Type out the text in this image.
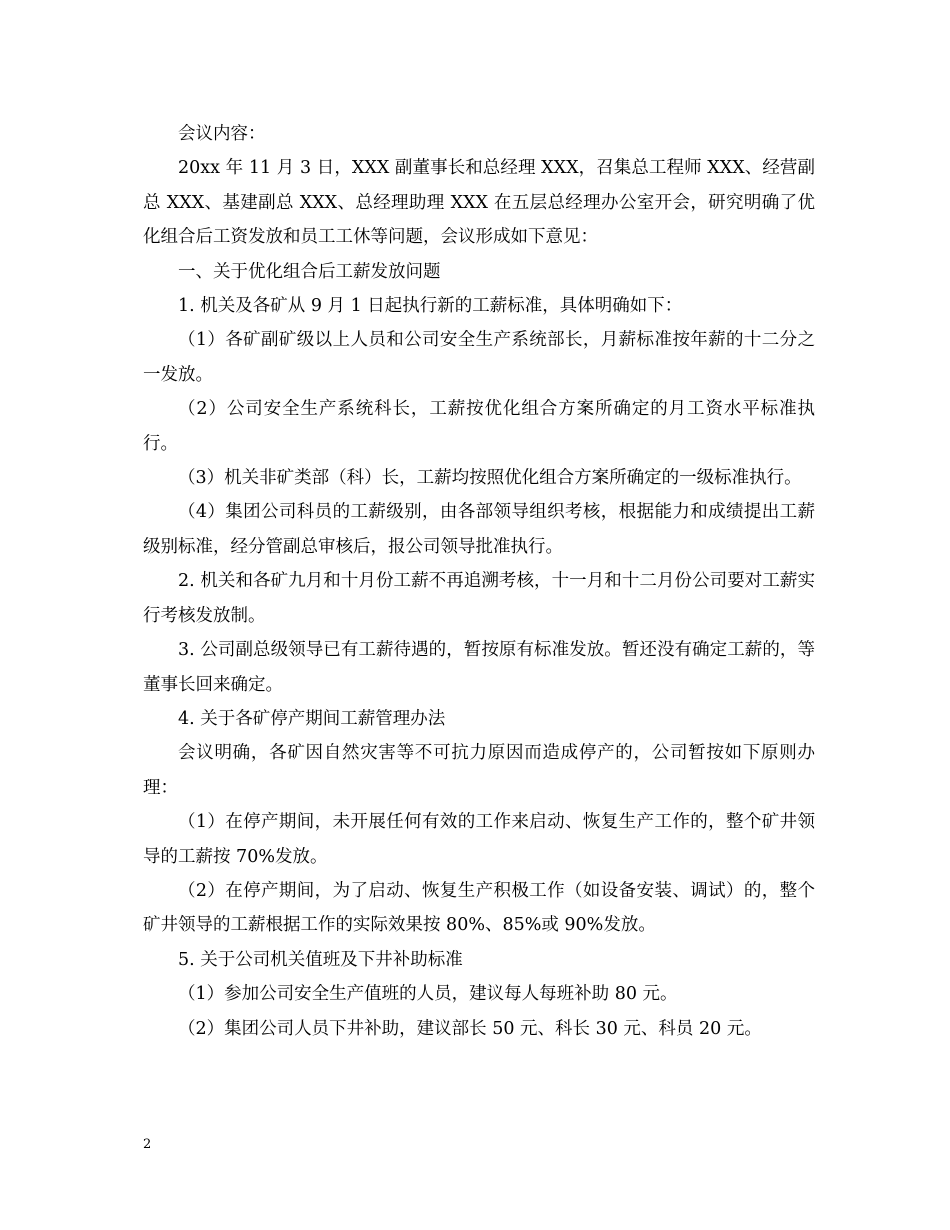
会议内容：

20xx 年 11 月 3 日，XXX 副董事长和总经理 XXX，召集总工程师 XXX、经营副总 XXX、基建副总 XXX、总经理助理 XXX 在五层总经理办公室开会，研究明确了优化组合后工资发放和员工工休等问题，会议形成如下意见：

一、关于优化组合后工薪发放问题

1. 机关及各矿从 9 月 1 日起执行新的工薪标准，具体明确如下：

（1）各矿副矿级以上人员和公司安全生产系统部长，月薪标准按年薪的十二分之一发放。

（2）公司安全生产系统科长，工薪按优化组合方案所确定的月工资水平标准执行。

（3）机关非矿类部（科）长，工薪均按照优化组合方案所确定的一级标准执行。

（4）集团公司科员的工薪级别，由各部领导组织考核，根据能力和成绩提出工薪级别标准，经分管副总审核后，报公司领导批准执行。

2. 机关和各矿九月和十月份工薪不再追溯考核，十一月和十二月份公司要对工薪实行考核发放制。

3. 公司副总级领导已有工薪待遇的，暂按原有标准发放。暂还没有确定工薪的，等董事长回来确定。

4. 关于各矿停产期间工薪管理办法

会议明确，各矿因自然灾害等不可抗力原因而造成停产的，公司暂按如下原则办理：

（1）在停产期间，未开展任何有效的工作来启动、恢复生产工作的，整个矿井领导的工薪按 70%发放。

（2）在停产期间，为了启动、恢复生产积极工作（如设备安装、调试）的，整个矿井领导的工薪根据工作的实际效果按 80%、85%或 90%发放。

5. 关于公司机关值班及下井补助标准

（1）参加公司安全生产值班的人员，建议每人每班补助 80 元。

（2）集团公司人员下井补助，建议部长 50 元、科长 30 元、科员 20 元。

2
